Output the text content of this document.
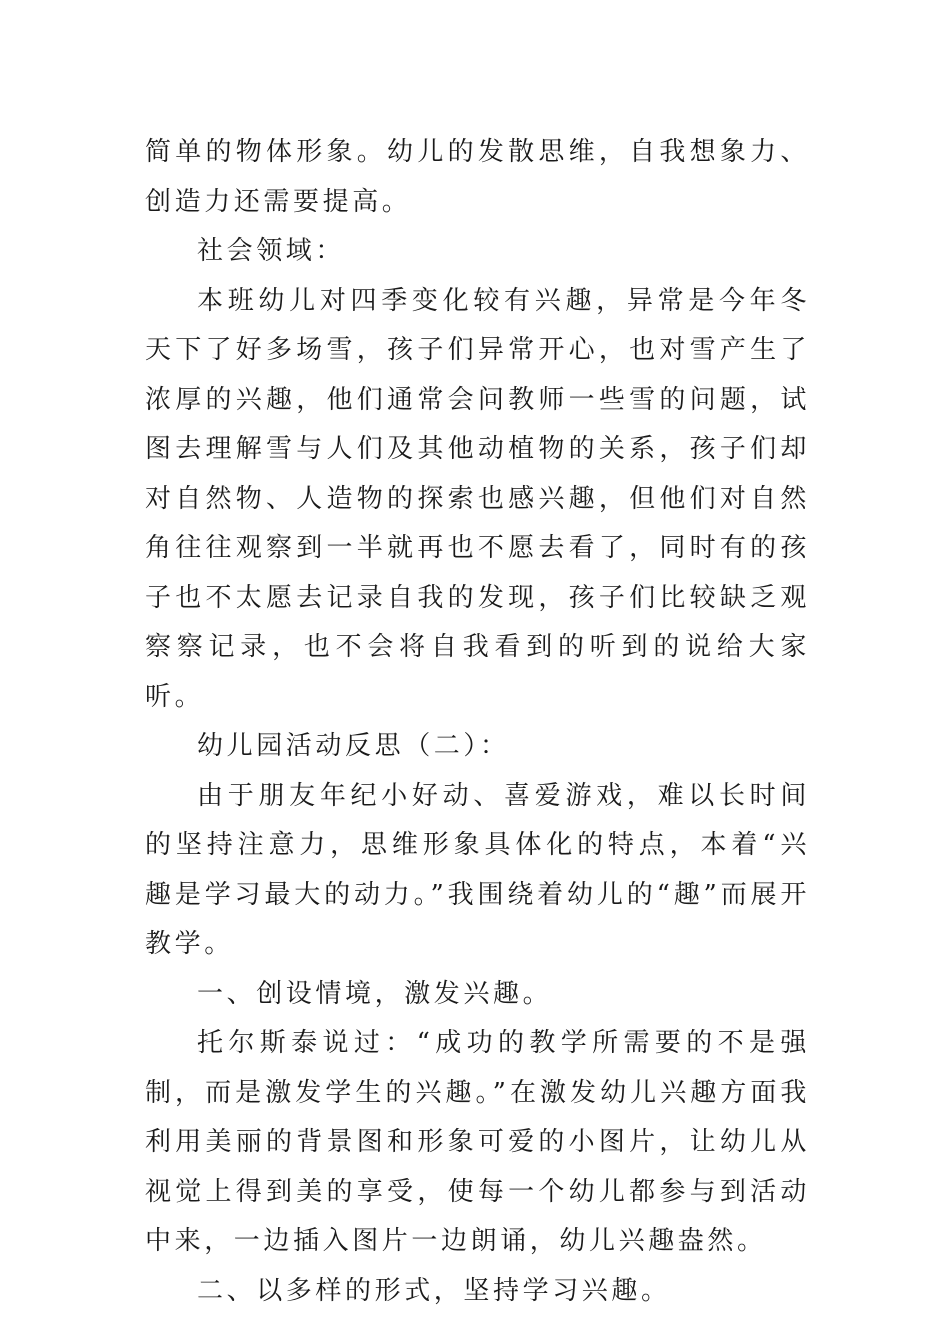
简单的物体形象。幼儿的发散思维，自我想象力、创造力还需要提高。

社会领域：

本班幼儿对四季变化较有兴趣，异常是今年冬天下了好多场雪，孩子们异常开心，也对雪产生了浓厚的兴趣，他们通常会问教师一些雪的问题，试图去理解雪与人们及其他动植物的关系，孩子们却对自然物、人造物的探索也感兴趣，但他们对自然角往往观察到一半就再也不愿去看了，同时有的孩子也不太愿去记录自我的发现，孩子们比较缺乏观察察记录，也不会将自我看到的听到的说给大家听。

幼儿园活动反思（二）：

由于朋友年纪小好动、喜爱游戏，难以长时间的坚持注意力，思维形象具体化的特点，本着“兴趣是学习最大的动力。”我围绕着幼儿的“趣”而展开教学。

一、创设情境，激发兴趣。

托尔斯泰说过：“成功的教学所需要的不是强制，而是激发学生的兴趣。”在激发幼儿兴趣方面我利用美丽的背景图和形象可爱的小图片，让幼儿从视觉上得到美的享受，使每一个幼儿都参与到活动中来，一边插入图片一边朗诵，幼儿兴趣盎然。

二、以多样的形式，坚持学习兴趣。
